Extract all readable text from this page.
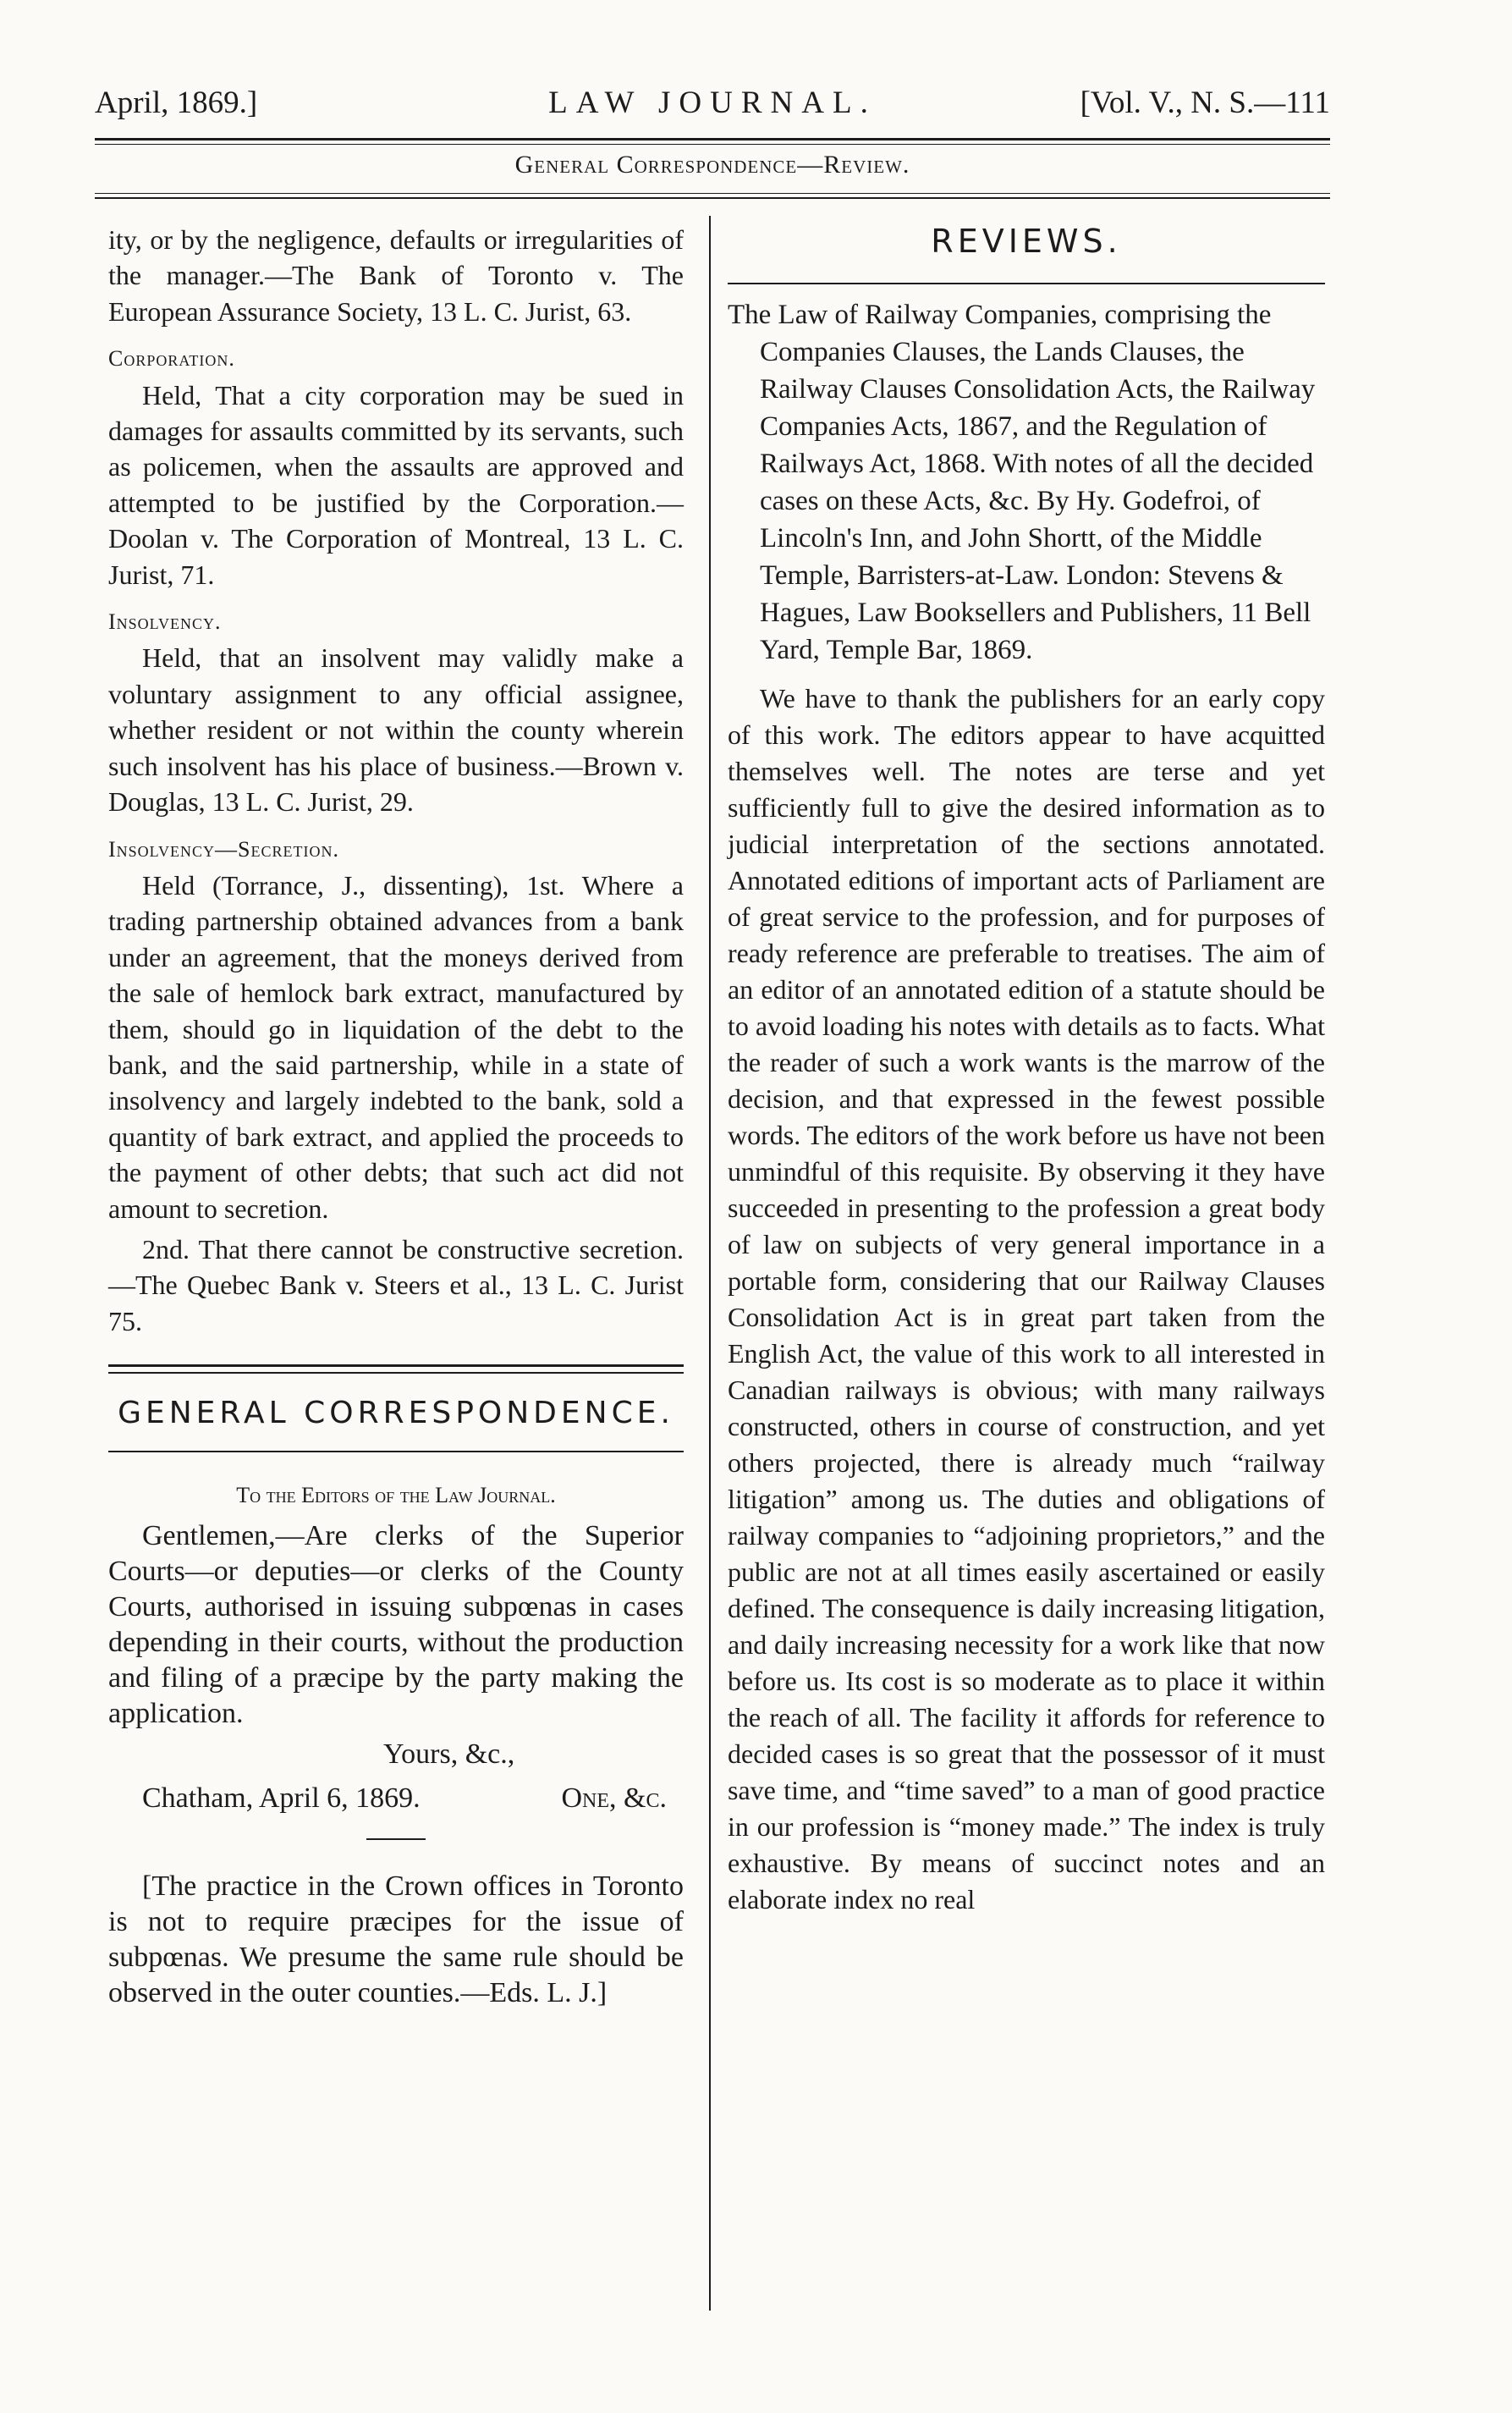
April, 1869.]	LAW JOURNAL.	[Vol. V., N. S.—111
General Correspondence—Review.

ity, or by the negligence, defaults or irregularities of the manager.—The Bank of Toronto v. The European Assurance Society, 13 L. C. Jurist, 63.

Corporation.

Held, That a city corporation may be sued in damages for assaults committed by its servants, such as policemen, when the assaults are approved and attempted to be justified by the Corporation.—Doolan v. The Corporation of Montreal, 13 L. C. Jurist, 71.

Insolvency.

Held, that an insolvent may validly make a voluntary assignment to any official assignee, whether resident or not within the county wherein such insolvent has his place of business.—Brown v. Douglas, 13 L. C. Jurist, 29.

Insolvency—Secretion.

Held (Torrance, J., dissenting), 1st. Where a trading partnership obtained advances from a bank under an agreement, that the moneys derived from the sale of hemlock bark extract, manufactured by them, should go in liquidation of the debt to the bank, and the said partnership, while in a state of insolvency and largely indebted to the bank, sold a quantity of bark extract, and applied the proceeds to the payment of other debts; that such act did not amount to secretion.

2nd. That there cannot be constructive secretion.—The Quebec Bank v. Steers et al., 13 L. C. Jurist 75.

GENERAL CORRESPONDENCE.

To the Editors of the Law Journal.

Gentlemen,—Are clerks of the Superior Courts—or deputies—or clerks of the County Courts, authorised in issuing subpœnas in cases depending in their courts, without the production and filing of a præcipe by the party making the application.

Yours, &c.,

Chatham, April 6, 1869.	One, &c.

[The practice in the Crown offices in Toronto is not to require præcipes for the issue of subpœnas. We presume the same rule should be observed in the outer counties.—Eds. L. J.]

REVIEWS.

The Law of Railway Companies, comprising the Companies Clauses, the Lands Clauses, the Railway Clauses Consolidation Acts, the Railway Companies Acts, 1867, and the Regulation of Railways Act, 1868. With notes of all the decided cases on these Acts, &c. By Hy. Godefroi, of Lincoln's Inn, and John Shortt, of the Middle Temple, Barristers-at-Law. London: Stevens & Hagues, Law Booksellers and Publishers, 11 Bell Yard, Temple Bar, 1869.

We have to thank the publishers for an early copy of this work. The editors appear to have acquitted themselves well. The notes are terse and yet sufficiently full to give the desired information as to judicial interpretation of the sections annotated. Annotated editions of important acts of Parliament are of great service to the profession, and for purposes of ready reference are preferable to treatises. The aim of an editor of an annotated edition of a statute should be to avoid loading his notes with details as to facts. What the reader of such a work wants is the marrow of the decision, and that expressed in the fewest possible words. The editors of the work before us have not been unmindful of this requisite. By observing it they have succeeded in presenting to the profession a great body of law on subjects of very general importance in a portable form, considering that our Railway Clauses Consolidation Act is in great part taken from the English Act, the value of this work to all interested in Canadian railways is obvious; with many railways constructed, others in course of construction, and yet others projected, there is already much “railway litigation” among us. The duties and obligations of railway companies to “adjoining proprietors,” and the public are not at all times easily ascertained or easily defined. The consequence is daily increasing litigation, and daily increasing necessity for a work like that now before us. Its cost is so moderate as to place it within the reach of all. The facility it affords for reference to decided cases is so great that the possessor of it must save time, and “time saved” to a man of good practice in our profession is “money made.” The index is truly exhaustive. By means of succinct notes and an elaborate index no real
